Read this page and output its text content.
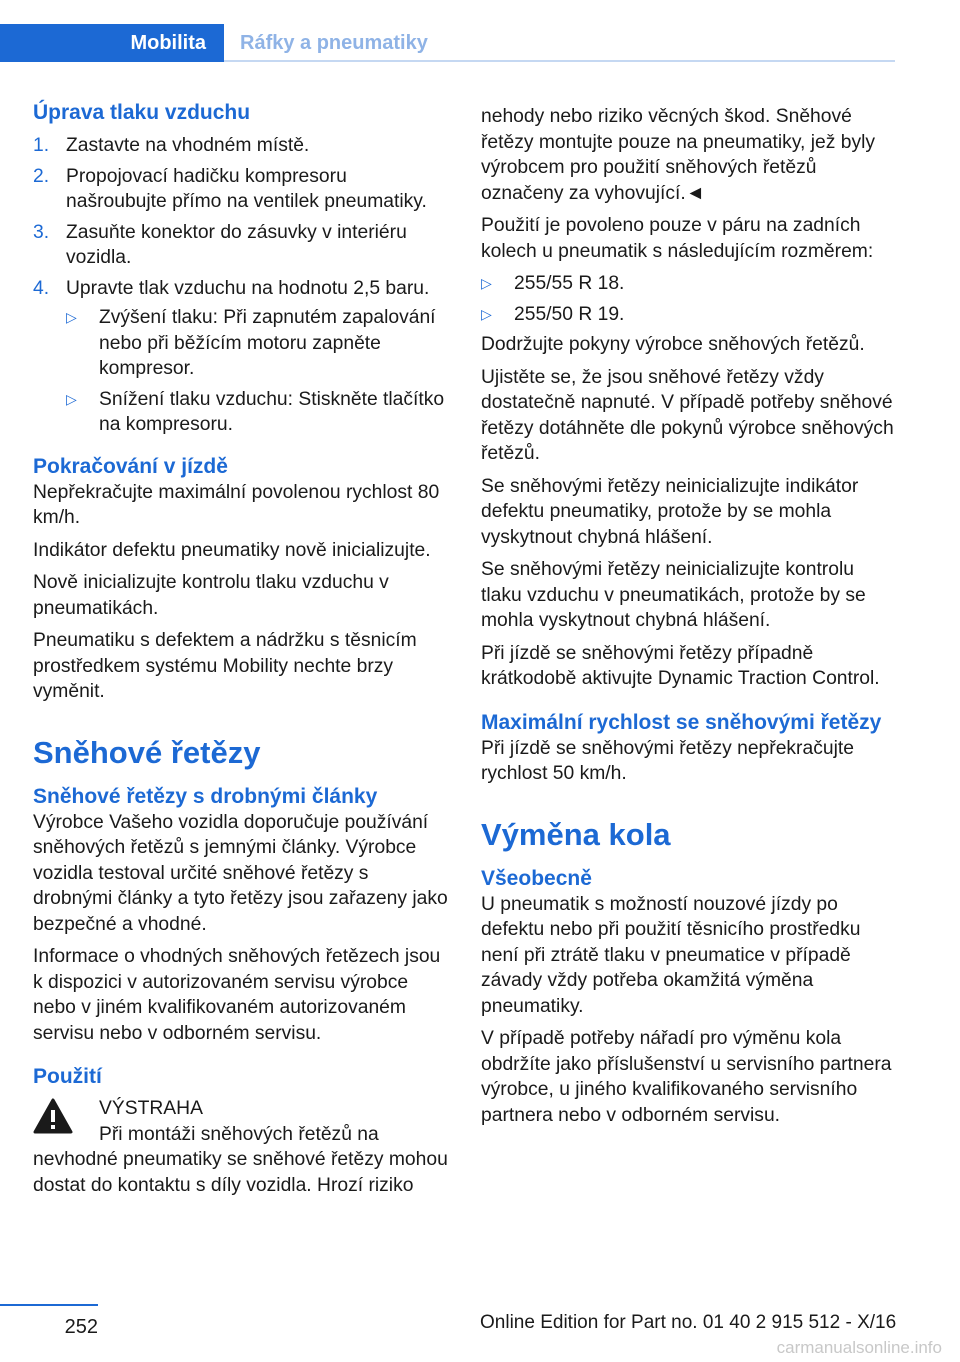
Mobilita	Ráfky a pneumatiky
Úprava tlaku vzduchu
1. Zastavte na vhodném místě.
2. Propojovací hadičku kompresoru našroubujte přímo na ventilek pneumatiky.
3. Zasuňte konektor do zásuvky v interiéru vozidla.
4. Upravte tlak vzduchu na hodnotu 2,5 baru.
▷ Zvýšení tlaku: Při zapnutém zapalování nebo při běžícím motoru zapněte kompresor.
▷ Snížení tlaku vzduchu: Stiskněte tlačítko na kompresoru.
Pokračování v jízdě

Nepřekračujte maximální povolenou rychlost 80 km/h.

Indikátor defektu pneumatiky nově inicializujte.

Nově inicializujte kontrolu tlaku vzduchu v pneumatikách.

Pneumatiku s defektem a nádržku s těsnicím prostředkem systému Mobility nechte brzy vyměnit.

Sněhové řetězy
Sněhové řetězy s drobnými články

Výrobce Vašeho vozidla doporučuje používání sněhových řetězů s jemnými články. Výrobce vozidla testoval určité sněhové řetězy s drobnými články a tyto řetězy jsou zařazeny jako bezpečné a vhodné.

Informace o vhodných sněhových řetězech jsou k dispozici v autorizovaném servisu výrobce nebo v jiném kvalifikovaném autorizovaném servisu nebo v odborném servisu.

Použití
VÝSTRAHA
Při montáži sněhových řetězů na nevhodné pneumatiky se sněhové řetězy mohou dostat do kontaktu s díly vozidla. Hrozí riziko

nehody nebo riziko věcných škod. Sněhové řetězy montujte pouze na pneumatiky, jež byly výrobcem pro použití sněhových řetězů označeny za vyhovující.◄

Použití je povoleno pouze v páru na zadních kolech u pneumatik s následujícím rozměrem:

▷ 255/55 R 18.
▷ 255/50 R 19.

Dodržujte pokyny výrobce sněhových řetězů.

Ujistěte se, že jsou sněhové řetězy vždy dostatečně napnuté. V případě potřeby sněhové řetězy dotáhněte dle pokynů výrobce sněhových řetězů.

Se sněhovými řetězy neinicializujte indikátor defektu pneumatiky, protože by se mohla vyskytnout chybná hlášení.

Se sněhovými řetězy neinicializujte kontrolu tlaku vzduchu v pneumatikách, protože by se mohla vyskytnout chybná hlášení.

Při jízdě se sněhovými řetězy případně krátkodobě aktivujte Dynamic Traction Control.

Maximální rychlost se sněhovými řetězy

Při jízdě se sněhovými řetězy nepřekračujte rychlost 50 km/h.

Výměna kola
Všeobecně

U pneumatik s možností nouzové jízdy po defektu nebo při použití těsnicího prostředku není při ztrátě tlaku v pneumatice v případě závady vždy potřeba okamžitá výměna pneumatiky.

V případě potřeby nářadí pro výměnu kola obdržíte jako příslušenství u servisního partnera výrobce, u jiného kvalifikovaného servisního partnera nebo v odborném servisu.

252	Online Edition for Part no. 01 40 2 915 512 - X/16
carmanualsonline.info
